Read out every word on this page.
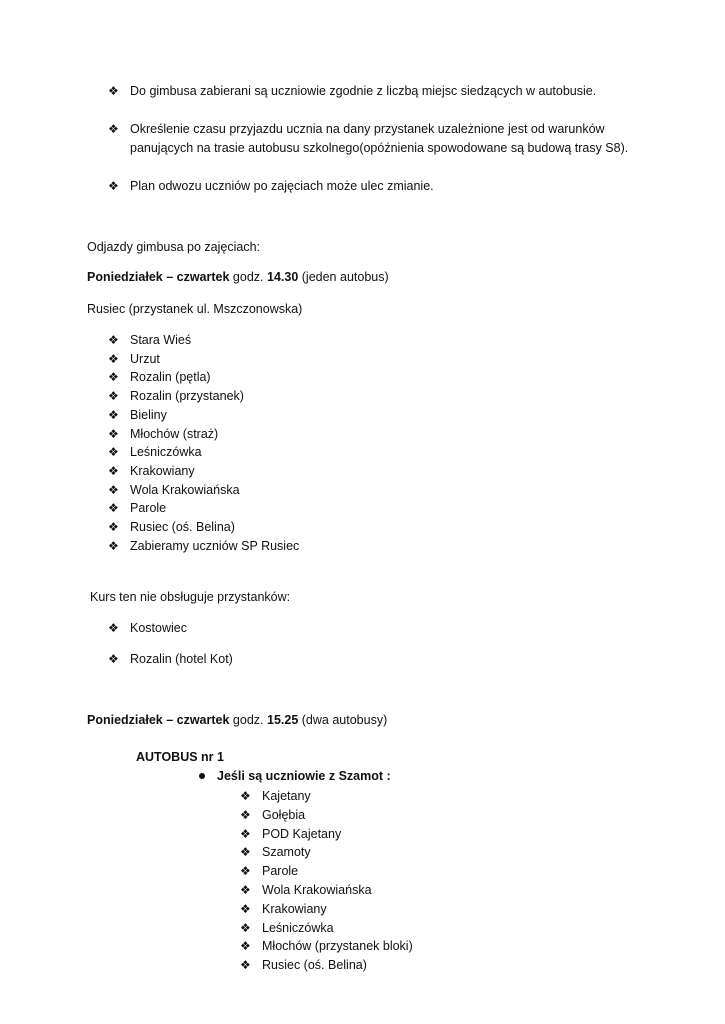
❖ Do gimbusa zabierani są uczniowie zgodnie z liczbą miejsc siedzących w autobusie.
❖ Określenie czasu przyjazdu ucznia na dany przystanek uzależnione jest od warunków
panujących na trasie autobusu szkolnego(opóźnienia spowodowane są budową trasy S8).
❖ Plan odwozu uczniów po zajęciach może ulec zmianie.
Odjazdy gimbusa po zajęciach:
Poniedziałek – czwartek godz. 14.30 (jeden autobus)
Rusiec (przystanek ul. Mszczonowska)
❖ Stara Wieś
❖ Urzut
❖ Rozalin (pętla)
❖ Rozalin (przystanek)
❖ Bieliny
❖ Młochów (straż)
❖ Leśniczówka
❖ Krakowiany
❖ Wola Krakowiańska
❖ Parole
❖ Rusiec (oś. Belina)
❖ Zabieramy uczniów SP Rusiec
Kurs ten nie obsługuje przystanków:
❖ Kostowiec
❖ Rozalin (hotel Kot)
Poniedziałek – czwartek godz. 15.25 (dwa autobusy)
AUTOBUS nr 1
Jeśli są uczniowie z Szamot :
❖ Kajetany
❖ Gołębia
❖ POD Kajetany
❖ Szamoty
❖ Parole
❖ Wola Krakowiańska
❖ Krakowiany
❖ Leśniczówka
❖ Młochów (przystanek bloki)
❖ Rusiec (oś. Belina)
